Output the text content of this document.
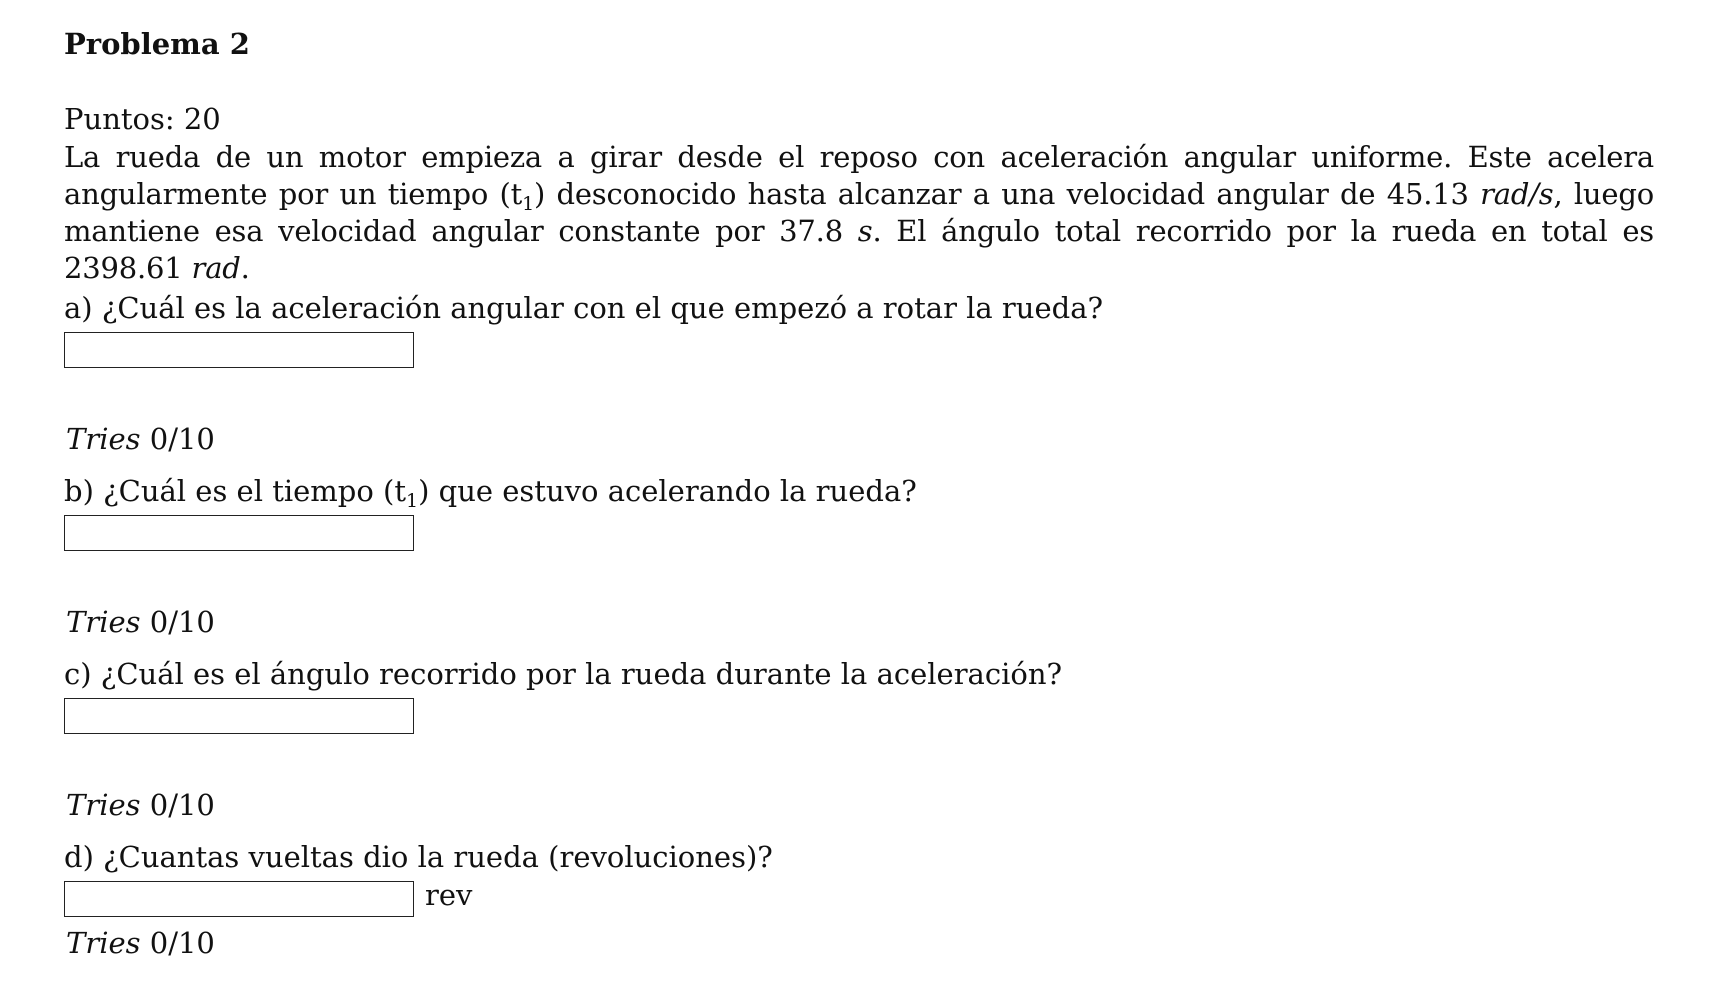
Problema 2
Puntos: 20
La rueda de un motor empieza a girar desde el reposo con aceleración angular uniforme. Este acelera angularmente por un tiempo $(t_1)$ desconocido hasta alcanzar a una velocidad angular de 45.13 rad/s, luego mantiene esa velocidad angular constante por 37.8 s. El ángulo total recorrido por la rueda en total es 2398.61 rad.
a) ¿Cuál es la aceleración angular con el que empezó a rotar la rueda?
Tries 0/10
b) ¿Cuál es el tiempo $(t_1)$ que estuvo acelerando la rueda?
Tries 0/10
c) ¿Cuál es el ángulo recorrido por la rueda durante la aceleración?
Tries 0/10
d) ¿Cuantas vueltas dio la rueda (revoluciones)?
rev
Tries 0/10
